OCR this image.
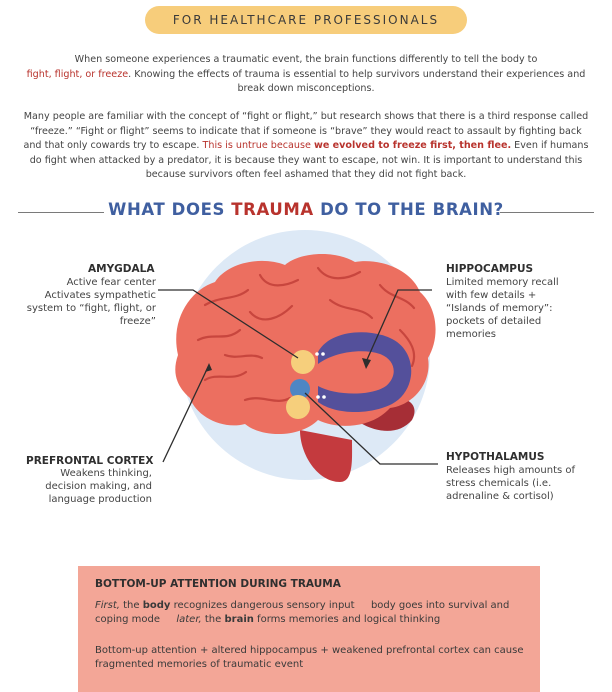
FOR HEALTHCARE PROFESSIONALS
When someone experiences a traumatic event, the brain functions differently to tell the body to
fight, flight, or freeze. Knowing the effects of trauma is essential to help survivors understand their experiences and break down misconceptions.
Many people are familiar with the concept of “fight or flight,” but research shows that there is a third response called “freeze.” “Fight or flight” seems to indicate that if someone is “brave” they would react to assault by fighting back and that only cowards try to escape. This is untrue because we evolved to freeze first, then flee. Even if humans do fight when attacked by a predator, it is because they want to escape, not win. It is important to understand this because survivors often feel ashamed that they did not fight back.
WHAT DOES TRAUMA DO TO THE BRAIN?
AMYGDALA
Active fear center
Activates sympathetic
system to “fight, flight, or
freeze”
HIPPOCAMPUS
Limited memory recall
with few details +
“Islands of memory”:
pockets of detailed
memories
PREFRONTAL CORTEX
Weakens thinking,
decision making, and
language production
HYPOTHALAMUS
Releases high amounts of
stress chemicals (i.e.
adrenaline & cortisol)
BOTTOM-UP ATTENTION DURING TRAUMA
First, the body recognizes dangerous sensory input body goes into survival and coping mode later, the brain forms memories and logical thinking
Bottom-up attention + altered hippocampus + weakened prefrontal cortex can cause fragmented memories of traumatic event
